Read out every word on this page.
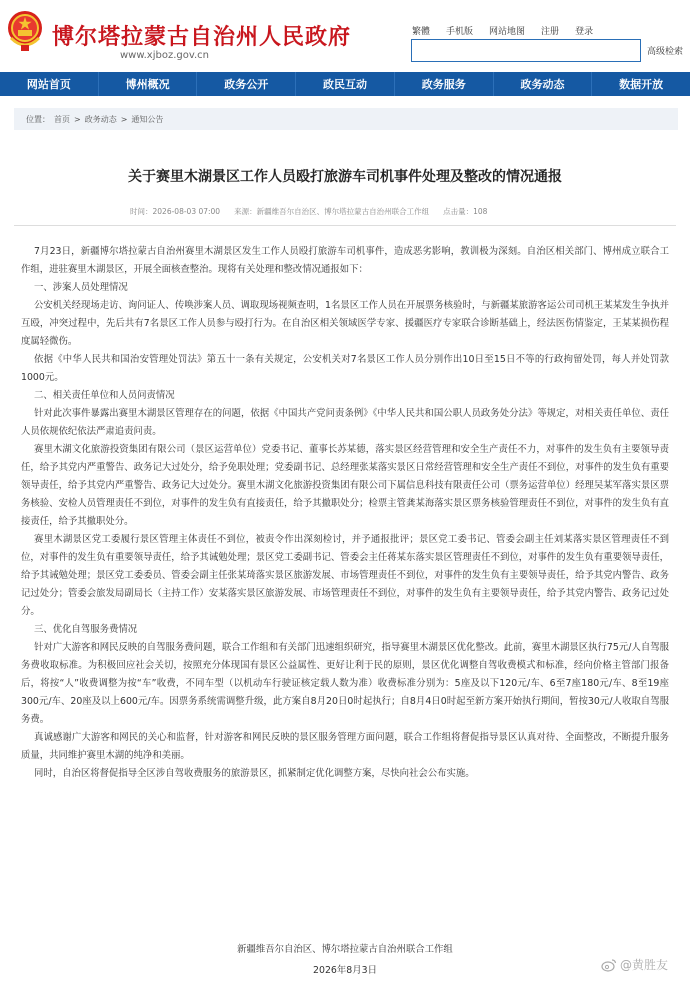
博尔塔拉蒙古自治州人民政府
www.xjboz.gov.cn
繁體 手机版 网站地图 注册 登录
高级检索
网站首页	博州概况	政务公开	政民互动	政务服务	政务动态	数据开放
位置： 首页 > 政务动态 > 通知公告
关于赛里木湖景区工作人员殴打旅游车司机事件处理及整改的情况通报
时间：2026-08-03 07:00 来源：新疆维吾尔自治区、博尔塔拉蒙古自治州联合工作组 点击量：108

7月23日，新疆博尔塔拉蒙古自治州赛里木湖景区发生工作人员殴打旅游车司机事件，造成恶劣影响，教训极为深刻。自治区相关部门、博州成立联合工作组，进驻赛里木湖景区，开展全面核查整治。现将有关处理和整改情况通报如下：

一、涉案人员处理情况

公安机关经现场走访、询问证人、传唤涉案人员、调取现场视频查明，1名景区工作人员在开展票务核验时，与新疆某旅游客运公司司机王某某发生争执并互殴，冲突过程中，先后共有7名景区工作人员参与殴打行为。在自治区相关领域医学专家、援疆医疗专家联合诊断基础上，经法医伤情鉴定，王某某损伤程度属轻微伤。

依据《中华人民共和国治安管理处罚法》第五十一条有关规定，公安机关对7名景区工作人员分别作出10日至15日不等的行政拘留处罚，每人并处罚款1000元。

二、相关责任单位和人员问责情况

针对此次事件暴露出赛里木湖景区管理存在的问题，依据《中国共产党问责条例》《中华人民共和国公职人员政务处分法》等规定，对相关责任单位、责任人员依规依纪依法严肃追责问责。

赛里木湖文化旅游投资集团有限公司（景区运营单位）党委书记、董事长苏某德，落实景区经营管理和安全生产责任不力，对事件的发生负有主要领导责任，给予其党内严重警告、政务记大过处分，给予免职处理；党委副书记、总经理张某落实景区日常经营管理和安全生产责任不到位，对事件的发生负有重要领导责任，给予其党内严重警告、政务记大过处分。赛里木湖文化旅游投资集团有限公司下属信息科技有限责任公司（票务运营单位）经理吴某军落实景区票务核验、安检人员管理责任不到位，对事件的发生负有直接责任，给予其撤职处分；检票主管龚某海落实景区票务核验管理责任不到位，对事件的发生负有直接责任，给予其撤职处分。

赛里木湖景区党工委履行景区管理主体责任不到位，被责令作出深刻检讨，并予通报批评；景区党工委书记、管委会副主任刘某落实景区管理责任不到位，对事件的发生负有重要领导责任，给予其诫勉处理；景区党工委副书记、管委会主任蒋某东落实景区管理责任不到位，对事件的发生负有重要领导责任，给予其诫勉处理；景区党工委委员、管委会副主任张某琦落实景区旅游发展、市场管理责任不到位，对事件的发生负有主要领导责任，给予其党内警告、政务记过处分；管委会旅发局副局长（主持工作）安某落实景区旅游发展、市场管理责任不到位，对事件的发生负有主要领导责任，给予其党内警告、政务记过处分。

三、优化自驾服务费情况

针对广大游客和网民反映的自驾服务费问题，联合工作组和有关部门迅速组织研究，指导赛里木湖景区优化整改。此前，赛里木湖景区执行75元/人自驾服务费收取标准。为积极回应社会关切，按照充分体现国有景区公益属性、更好让利于民的原则，景区优化调整自驾收费模式和标准，经向价格主管部门报备后，将按“人”收费调整为按“车”收费，不同车型（以机动车行驶证核定载人数为准）收费标准分别为：5座及以下120元/车、6至7座180元/车、8至19座300元/车、20座及以上600元/车。因票务系统需调整升级，此方案自8月20日0时起执行；自8月4日0时起至新方案开始执行期间，暂按30元/人收取自驾服务费。

真诚感谢广大游客和网民的关心和监督，针对游客和网民反映的景区服务管理方面问题，联合工作组将督促指导景区认真对待、全面整改，不断提升服务质量，共同维护赛里木湖的纯净和美丽。

同时，自治区将督促指导全区涉自驾收费服务的旅游景区，抓紧制定优化调整方案，尽快向社会公布实施。

新疆维吾尔自治区、博尔塔拉蒙古自治州联合工作组
2026年8月3日	@黄胜友
